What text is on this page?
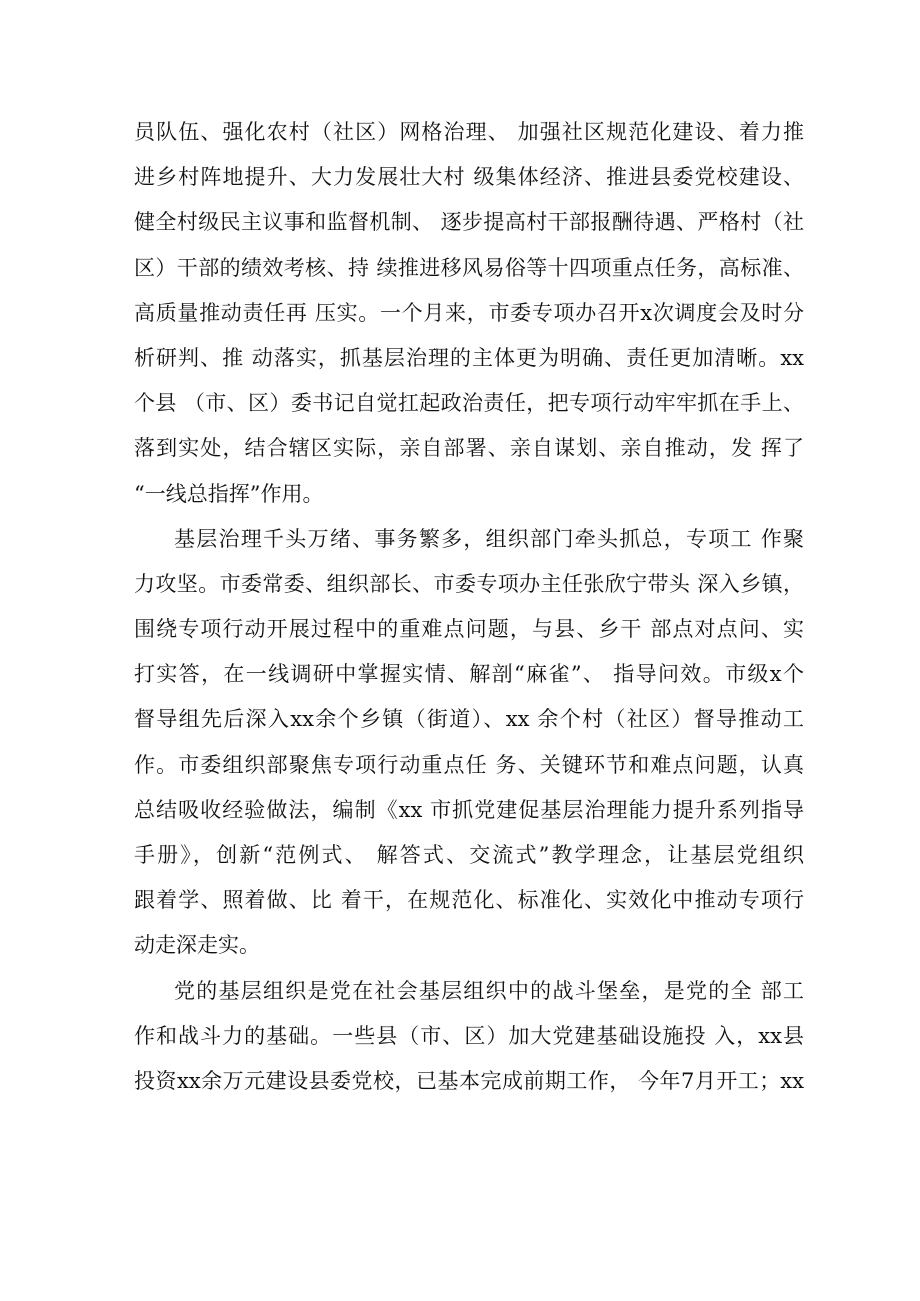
员队伍、强化农村（社区）网格治理、 加强社区规范化建设、着力推
进乡村阵地提升、大力发展壮大村 级集体经济、推进县委党校建设、
健全村级民主议事和监督机制、 逐步提高村干部报酬待遇、严格村（社
区）干部的绩效考核、持 续推进移风易俗等十四项重点任务，高标准、
高质量推动责任再 压实。一个月来，市委专项办召开x次调度会及时分
析研判、推 动落实，抓基层治理的主体更为明确、责任更加清晰。xx
个县 （市、区）委书记自觉扛起政治责任，把专项行动牢牢抓在手上、
落到实处，结合辖区实际，亲自部署、亲自谋划、亲自推动，发 挥了
“一线总指挥”作用。
基层治理千头万绪、事务繁多，组织部门牵头抓总，专项工 作聚
力攻坚。市委常委、组织部长、市委专项办主任张欣宁带头 深入乡镇，
围绕专项行动开展过程中的重难点问题，与县、乡干 部点对点问、实
打实答，在一线调研中掌握实情、解剖“麻雀”、 指导问效。市级x个
督导组先后深入xx余个乡镇（街道）、xx 余个村（社区）督导推动工
作。市委组织部聚焦专项行动重点任 务、关键环节和难点问题，认真
总结吸收经验做法，编制《xx 市抓党建促基层治理能力提升系列指导
手册》，创新“范例式、 解答式、交流式”教学理念，让基层党组织
跟着学、照着做、比 着干，在规范化、标准化、实效化中推动专项行
动走深走实。
党的基层组织是党在社会基层组织中的战斗堡垒，是党的全 部工
作和战斗力的基础。一些县（市、区）加大党建基础设施投 入，xx县
投资xx余万元建设县委党校，已基本完成前期工作， 今年7月开工；xx
